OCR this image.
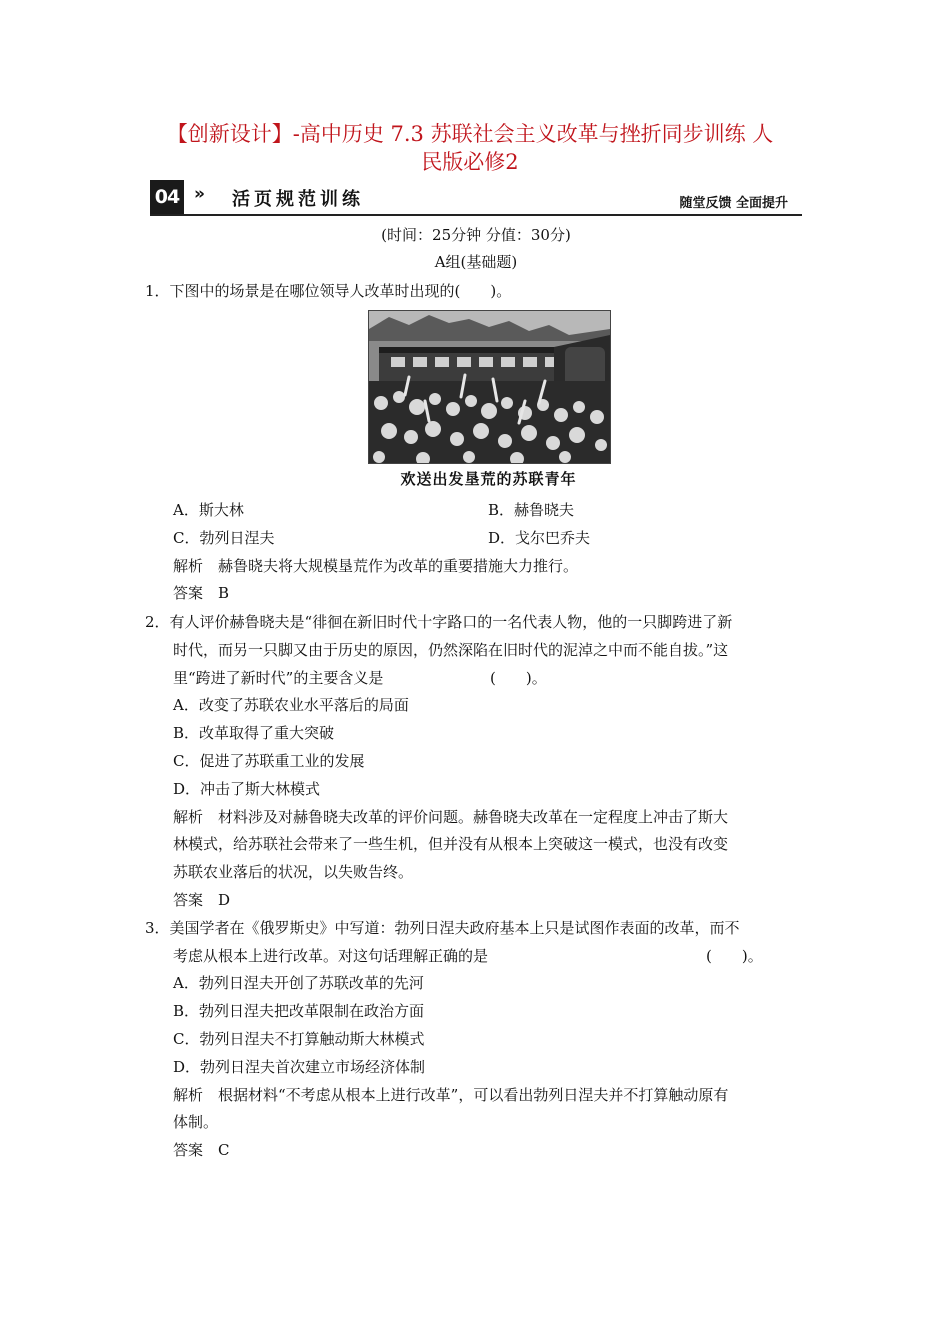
【创新设计】-高中历史 7.3 苏联社会主义改革与挫折同步训练 人
民版必修2
04 » 活页规范训练	随堂反馈 全面提升
(时间：25分钟 分值：30分)
A组(基础题)
1．下图中的场景是在哪位领导人改革时出现的(　　)。
欢送出发垦荒的苏联青年
A．斯大林	B．赫鲁晓夫
C．勃列日涅夫	D．戈尔巴乔夫
解析　赫鲁晓夫将大规模垦荒作为改革的重要措施大力推行。
答案　B
2．有人评价赫鲁晓夫是“徘徊在新旧时代十字路口的一名代表人物，他的一只脚跨进了新
时代，而另一只脚又由于历史的原因，仍然深陷在旧时代的泥淖之中而不能自拔。”这
里“跨进了新时代”的主要含义是	(　　)。
A．改变了苏联农业水平落后的局面
B．改革取得了重大突破
C．促进了苏联重工业的发展
D．冲击了斯大林模式
解析　材料涉及对赫鲁晓夫改革的评价问题。赫鲁晓夫改革在一定程度上冲击了斯大
林模式，给苏联社会带来了一些生机，但并没有从根本上突破这一模式，也没有改变
苏联农业落后的状况，以失败告终。
答案　D
3．美国学者在《俄罗斯史》中写道：勃列日涅夫政府基本上只是试图作表面的改革，而不
考虑从根本上进行改革。对这句话理解正确的是	(　　)。
A．勃列日涅夫开创了苏联改革的先河
B．勃列日涅夫把改革限制在政治方面
C．勃列日涅夫不打算触动斯大林模式
D．勃列日涅夫首次建立市场经济体制
解析　根据材料“不考虑从根本上进行改革”，可以看出勃列日涅夫并不打算触动原有
体制。
答案　C
